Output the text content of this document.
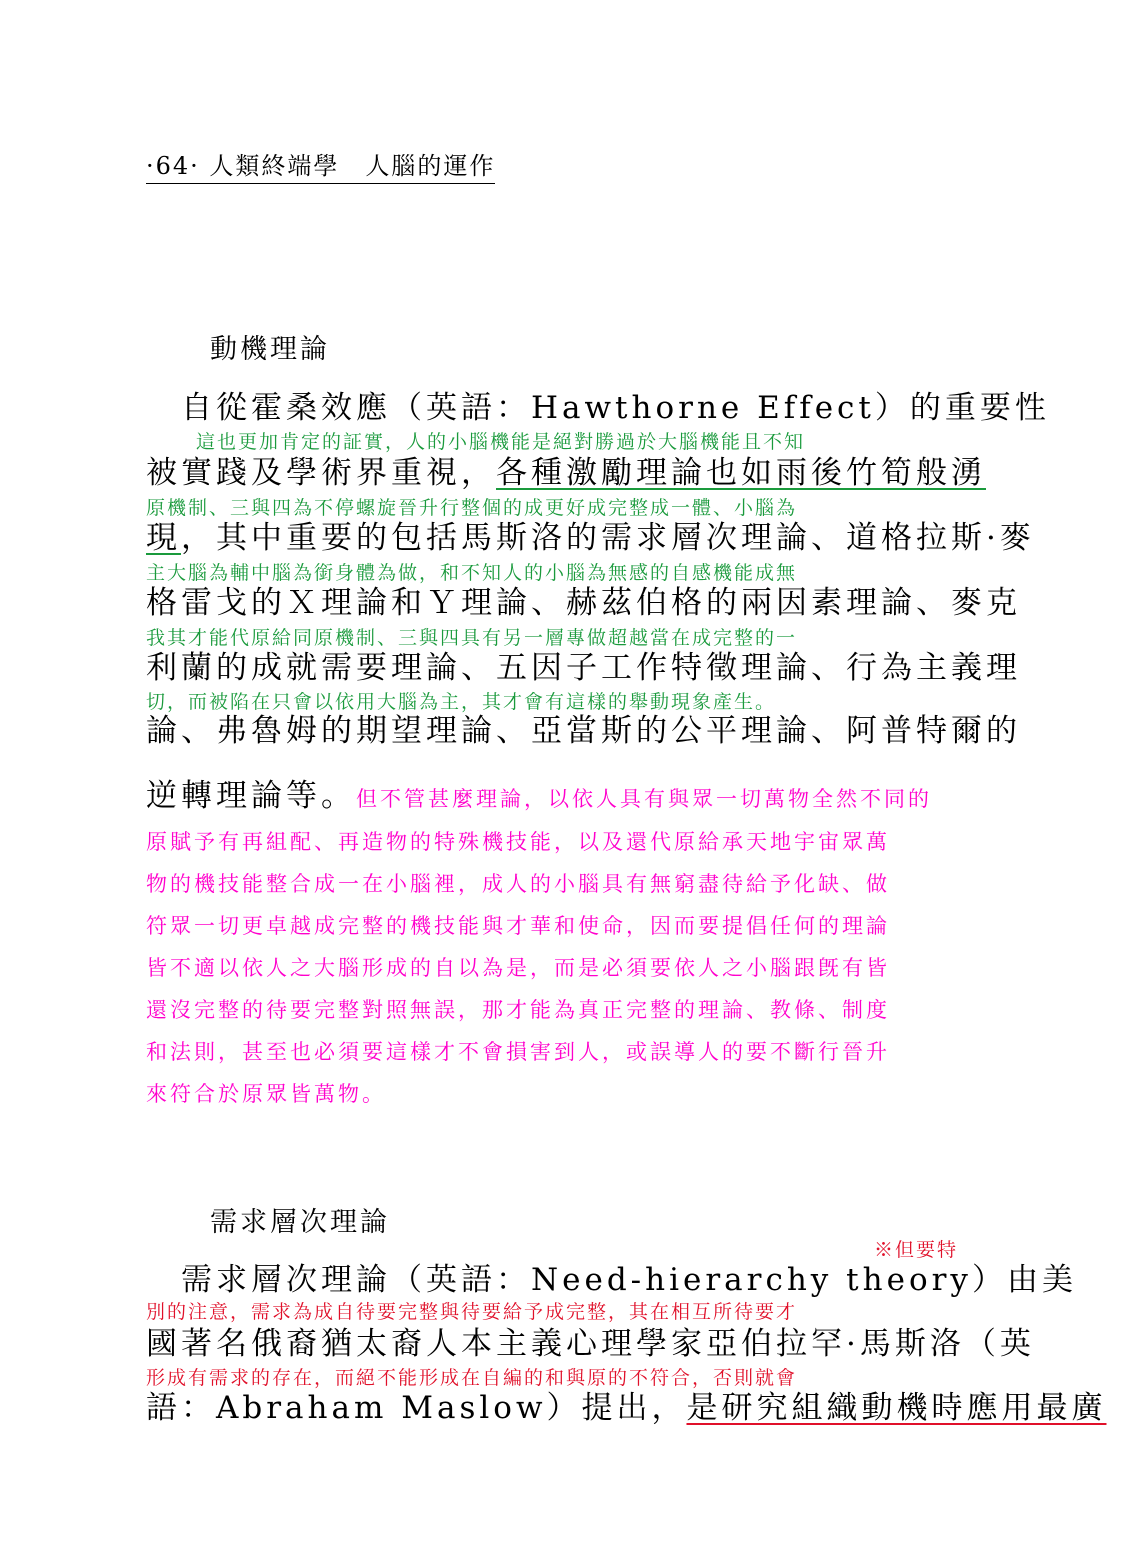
·64· 人類終端學　人腦的運作
動機理論
　自從霍桑效應（英語：Hawthorne Effect）的重要性
這也更加肯定的証實，人的小腦機能是絕對勝過於大腦機能且不知
被實踐及學術界重視，各種激勵理論也如雨後竹筍般湧
原機制、三與四為不停螺旋晉升行整個的成更好成完整成一體、小腦為
現，其中重要的包括馬斯洛的需求層次理論、道格拉斯·麥
主大腦為輔中腦為銜身體為做，和不知人的小腦為無感的自感機能成無
格雷戈的Ｘ理論和Ｙ理論、赫茲伯格的兩因素理論、麥克
我其才能代原給同原機制、三與四具有另一層專做超越當在成完整的一
利蘭的成就需要理論、五因子工作特徵理論、行為主義理
切，而被陷在只會以依用大腦為主，其才會有這樣的舉動現象產生。
論、弗魯姆的期望理論、亞當斯的公平理論、阿普特爾的
逆轉理論等。但不管甚麼理論，以依人具有與眾一切萬物全然不同的
原賦予有再組配、再造物的特殊機技能，以及還代原給承天地宇宙眾萬
物的機技能整合成一在小腦裡，成人的小腦具有無窮盡待給予化缺、做
符眾一切更卓越成完整的機技能與才華和使命，因而要提倡任何的理論
皆不適以依人之大腦形成的自以為是，而是必須要依人之小腦跟旣有皆
還沒完整的待要完整對照無誤，那才能為真正完整的理論、教條、制度
和法則，甚至也必須要這樣才不會損害到人，或誤導人的要不斷行晉升
來符合於原眾皆萬物。
需求層次理論
※但要特
　需求層次理論（英語：Need-hierarchy theory）由美
別的注意，需求為成自待要完整與待要給予成完整，其在相互所待要才
國著名俄裔猶太裔人本主義心理學家亞伯拉罕·馬斯洛（英
形成有需求的存在，而絕不能形成在自編的和與原的不符合，否則就會
語：Abraham Maslow）提出，是研究組織動機時應用最廣
